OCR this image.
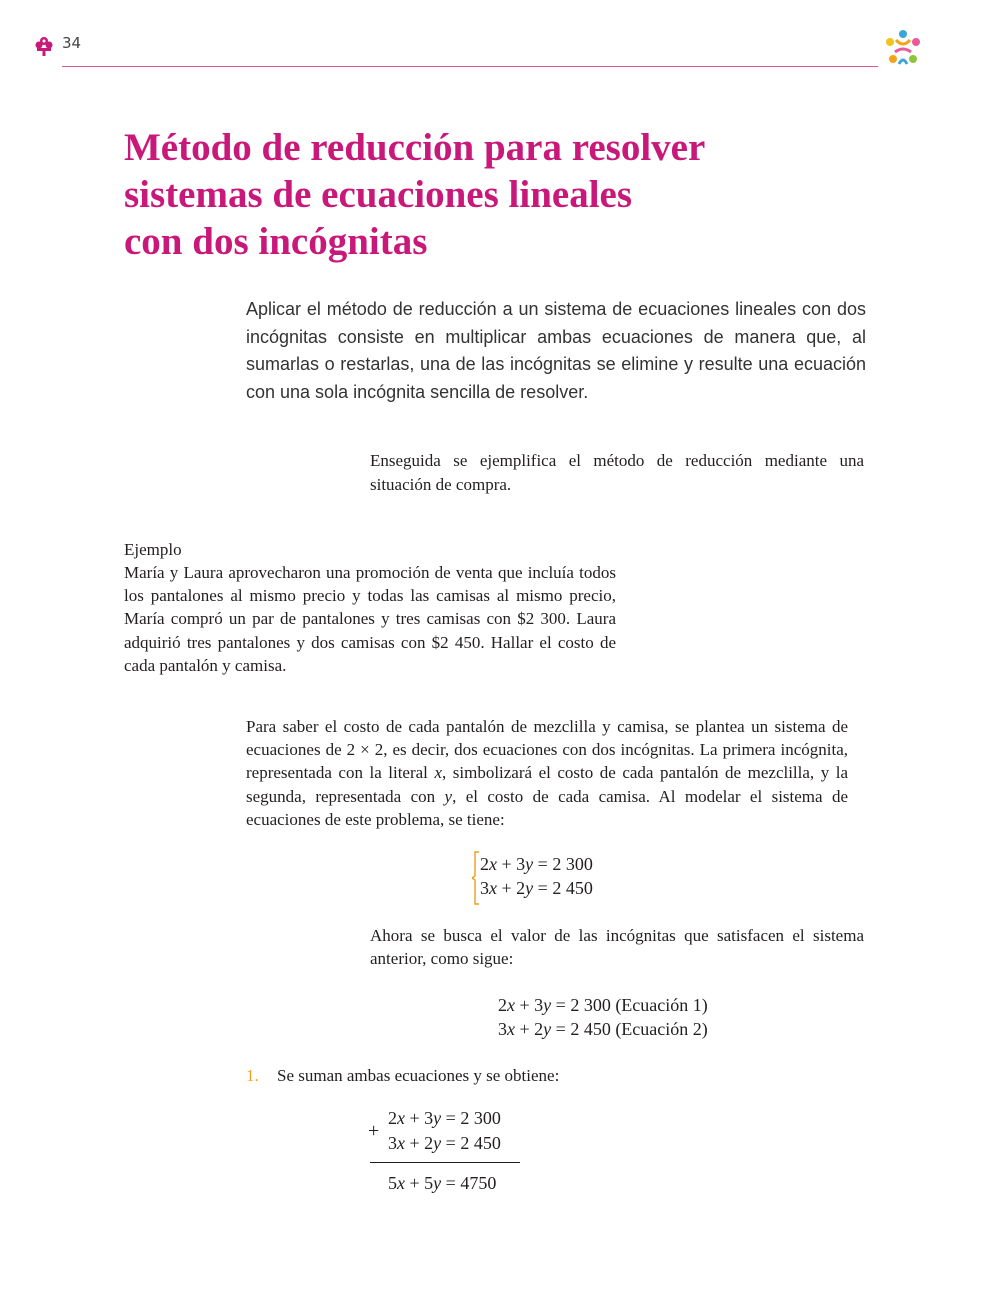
34
Método de reducción para resolver
sistemas de ecuaciones lineales
con dos incógnitas

Aplicar el método de reducción a un sistema de ecuaciones lineales con dos incógnitas consiste en multiplicar ambas ecuaciones de manera que, al sumarlas o restarlas, una de las incógnitas se elimine y resulte una ecuación con una sola incógnita sencilla de resolver.

Enseguida se ejemplifica el método de reducción mediante una situación de compra.

Ejemplo

María y Laura aprovecharon una promoción de venta que incluía todos los pantalones al mismo precio y todas las camisas al mismo precio, María compró un par de pantalones y tres camisas con $2 300. Laura adquirió tres pantalones y dos camisas con $2 450. Hallar el costo de cada pantalón y camisa.

Para saber el costo de cada pantalón de mezclilla y camisa, se plantea un sistema de ecuaciones de 2 × 2, es decir, dos ecuaciones con dos incógnitas. La primera incógnita, representada con la literal x, simbolizará el costo de cada pantalón de mezclilla, y la segunda, representada con y, el costo de cada camisa. Al modelar el sistema de ecuaciones de este problema, se tiene:

2x + 3y = 2 300
3x + 2y = 2 450

Ahora se busca el valor de las incógnitas que satisfacen el sistema anterior, como sigue:

2x + 3y = 2 300 (Ecuación 1)
3x + 2y = 2 450 (Ecuación 2)
1. Se suman ambas ecuaciones y se obtiene:
+
2x + 3y = 2 300
3x + 2y = 2 450
5x + 5y = 4750
